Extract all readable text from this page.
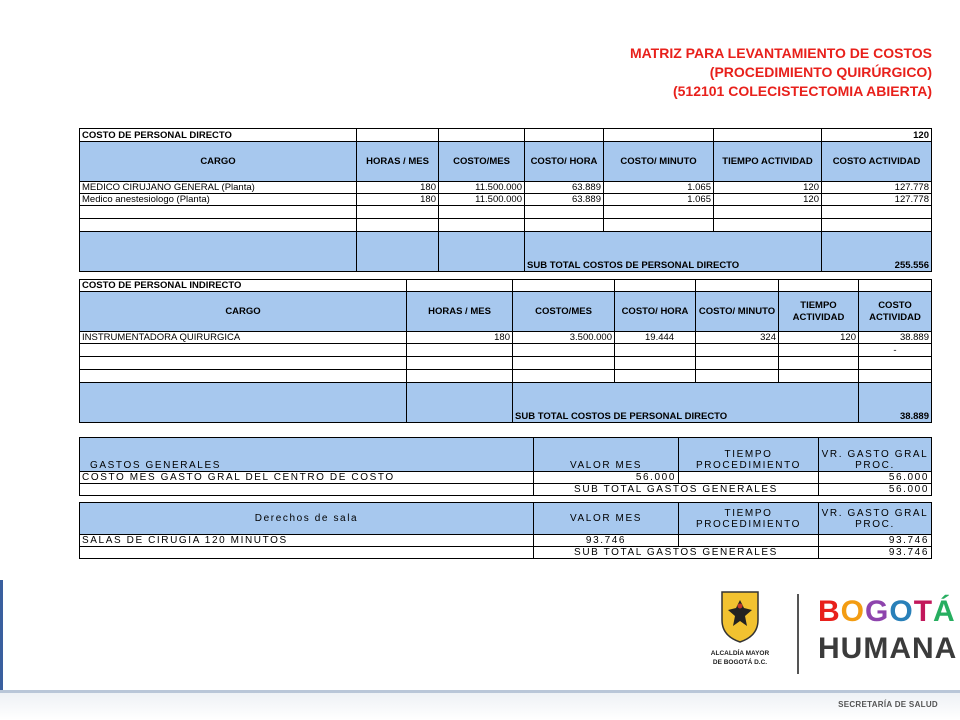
MATRIZ PARA LEVANTAMIENTO DE COSTOS
(PROCEDIMIENTO QUIRÚRGICO)
(512101 COLECISTECTOMIA ABIERTA)
COSTO DE PERSONAL DIRECTO						120
CARGO	HORAS / MES	COSTO/MES	COSTO/ HORA	COSTO/ MINUTO	TIEMPO ACTIVIDAD	COSTO ACTIVIDAD
MEDICO CIRUJANO GENERAL (Planta)	180	11.500.000	63.889	1.065	120	127.778
Medico anestesiologo (Planta)	180	11.500.000	63.889	1.065	120	127.778

			SUB TOTAL COSTOS DE PERSONAL DIRECTO			255.556
COSTO DE PERSONAL INDIRECTO						
CARGO	HORAS / MES	COSTO/MES	COSTO/ HORA	COSTO/ MINUTO	TIEMPO ACTIVIDAD	COSTO ACTIVIDAD
INSTRUMENTADORA QUIRURGICA	180	3.500.000	19.444	324	120	38.889
						-

		SUB TOTAL COSTOS DE PERSONAL DIRECTO				38.889
GASTOS GENERALES	VALOR MES	TIEMPO PROCEDIMIENTO	VR. GASTO GRAL PROC.
COSTO MES GASTO GRAL DEL CENTRO DE COSTO	56.000		56.000
	SUB TOTAL GASTOS GENERALES		56.000
Derechos de sala	VALOR MES	TIEMPO PROCEDIMIENTO	VR. GASTO GRAL PROC.
SALAS DE CIRUGIA 120 MINUTOS	93.746		93.746
	SUB TOTAL GASTOS GENERALES		93.746
ALCALDÍA MAYOR
DE BOGOTÁ D.C.
BOGOTÁ
HUMANA
SECRETARÍA DE SALUD
